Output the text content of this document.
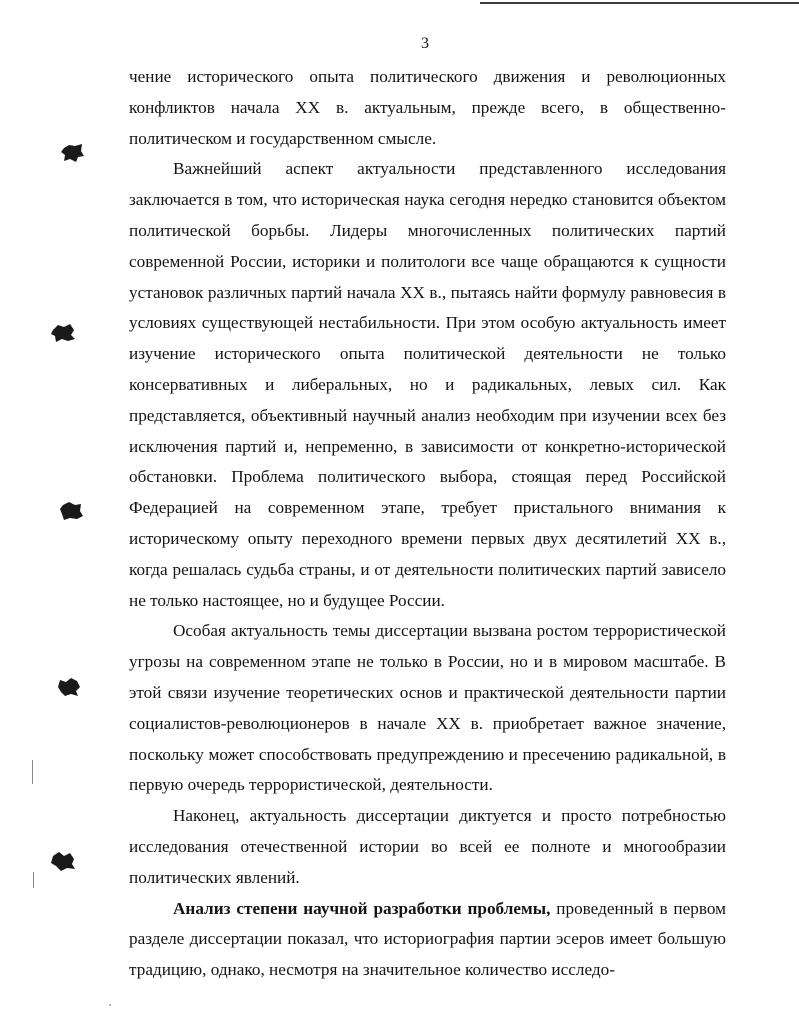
3

чение исторического опыта политического движения и революционных конфликтов начала XX в. актуальным, прежде всего, в общественно-политическом и государственном смысле.

Важнейший аспект актуальности представленного исследования заключается в том, что историческая наука сегодня нередко становится объектом политической борьбы. Лидеры многочисленных политических партий современной России, историки и политологи все чаще обращаются к сущности установок различных партий начала XX в., пытаясь найти формулу равновесия в условиях существующей нестабильности. При этом особую актуальность имеет изучение исторического опыта политической деятельности не только консервативных и либеральных, но и радикальных, левых сил. Как представляется, объективный научный анализ необходим при изучении всех без исключения партий и, непременно, в зависимости от конкретно-исторической обстановки. Проблема политического выбора, стоящая перед Российской Федерацией на современном этапе, требует пристального внимания к историческому опыту переходного времени первых двух десятилетий XX в., когда решалась судьба страны, и от деятельности политических партий зависело не только настоящее, но и будущее России.

Особая актуальность темы диссертации вызвана ростом террористической угрозы на современном этапе не только в России, но и в мировом масштабе. В этой связи изучение теоретических основ и практической деятельности партии социалистов-революционеров в начале XX в. приобретает важное значение, поскольку может способствовать предупреждению и пресечению радикальной, в первую очередь террористической, деятельности.

Наконец, актуальность диссертации диктуется и просто потребностью исследования отечественной истории во всей ее полноте и многообразии политических явлений.

Анализ степени научной разработки проблемы, проведенный в первом разделе диссертации показал, что историография партии эсеров имеет большую традицию, однако, несмотря на значительное количество исследо-
